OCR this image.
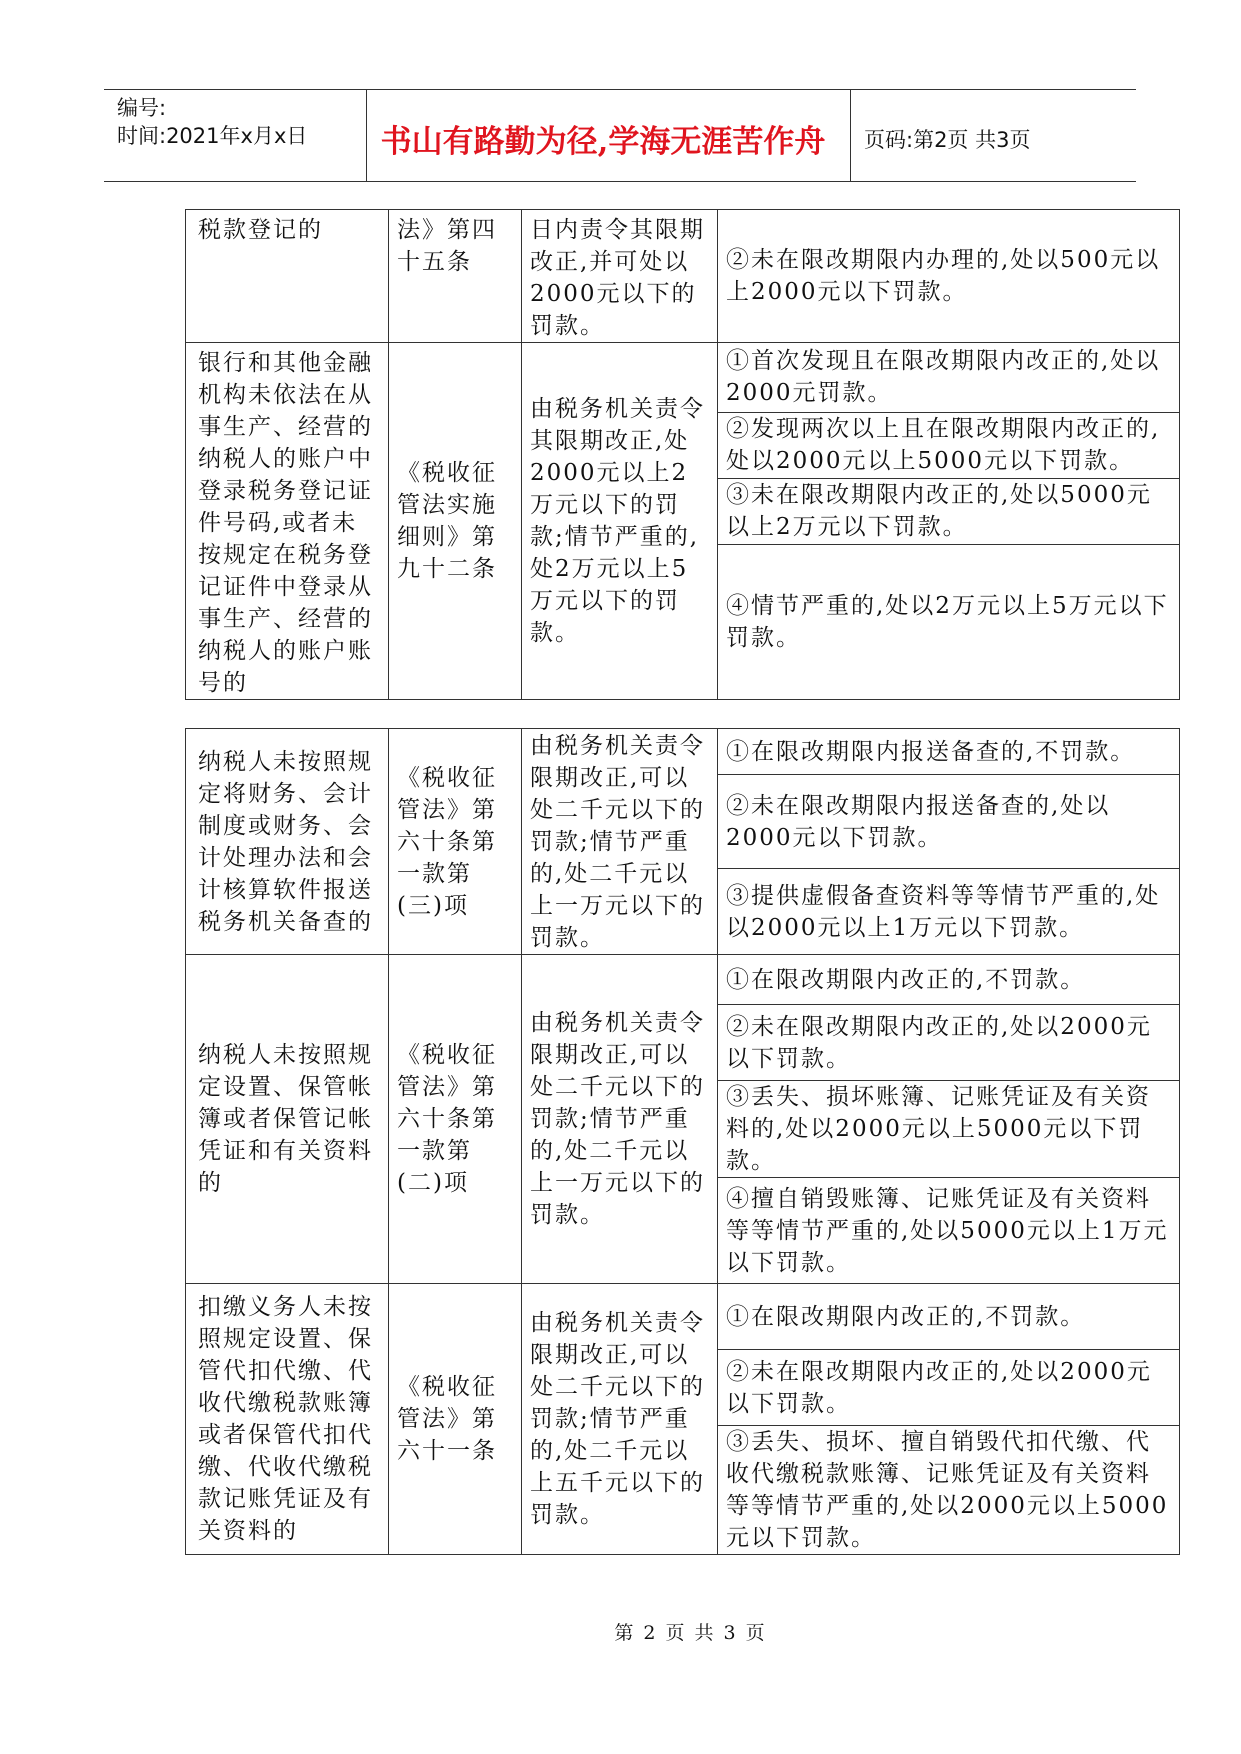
编号:
时间:2021年x月x日	书山有路勤为径,学海无涯苦作舟	页码:第2页 共3页
税款登记的	法》第四十五条	日内责令其限期改正,并可处以2000元以下的罚款。	②未在限改期限内办理的,处以500元以上2000元以下罚款。
银行和其他金融机构未依法在从事生产、经营的纳税人的账户中登录税务登记证件号码,或者未按规定在税务登记证件中登录从事生产、经营的纳税人的账户账号的	《税收征管法实施细则》第九十二条	由税务机关责令其限期改正,处2000元以上2万元以下的罚款;情节严重的,处2万元以上5万元以下的罚款。	①首次发现且在限改期限内改正的,处以2000元罚款。
			②发现两次以上且在限改期限内改正的,处以2000元以上5000元以下罚款。
			③未在限改期限内改正的,处以5000元以上2万元以下罚款。
			④情节严重的,处以2万元以上5万元以下罚款。
纳税人未按照规定将财务、会计制度或财务、会计处理办法和会计核算软件报送税务机关备查的	《税收征管法》第六十条第一款第(三)项	由税务机关责令限期改正,可以处二千元以下的罚款;情节严重的,处二千元以上一万元以下的罚款。	①在限改期限内报送备查的,不罚款。
			②未在限改期限内报送备查的,处以2000元以下罚款。
			③提供虚假备查资料等等情节严重的,处以2000元以上1万元以下罚款。
纳税人未按照规定设置、保管帐簿或者保管记帐凭证和有关资料的	《税收征管法》第六十条第一款第(二)项	由税务机关责令限期改正,可以处二千元以下的罚款;情节严重的,处二千元以上一万元以下的罚款。	①在限改期限内改正的,不罚款。
			②未在限改期限内改正的,处以2000元以下罚款。
			③丢失、损坏账簿、记账凭证及有关资料的,处以2000元以上5000元以下罚款。
			④擅自销毁账簿、记账凭证及有关资料等等情节严重的,处以5000元以上1万元以下罚款。
扣缴义务人未按照规定设置、保管代扣代缴、代收代缴税款账簿或者保管代扣代缴、代收代缴税款记账凭证及有关资料的	《税收征管法》第六十一条	由税务机关责令限期改正,可以处二千元以下的罚款;情节严重的,处二千元以上五千元以下的罚款。	①在限改期限内改正的,不罚款。
			②未在限改期限内改正的,处以2000元以下罚款。
			③丢失、损坏、擅自销毁代扣代缴、代收代缴税款账簿、记账凭证及有关资料等等情节严重的,处以2000元以上5000元以下罚款。
第 2 页 共 3 页
